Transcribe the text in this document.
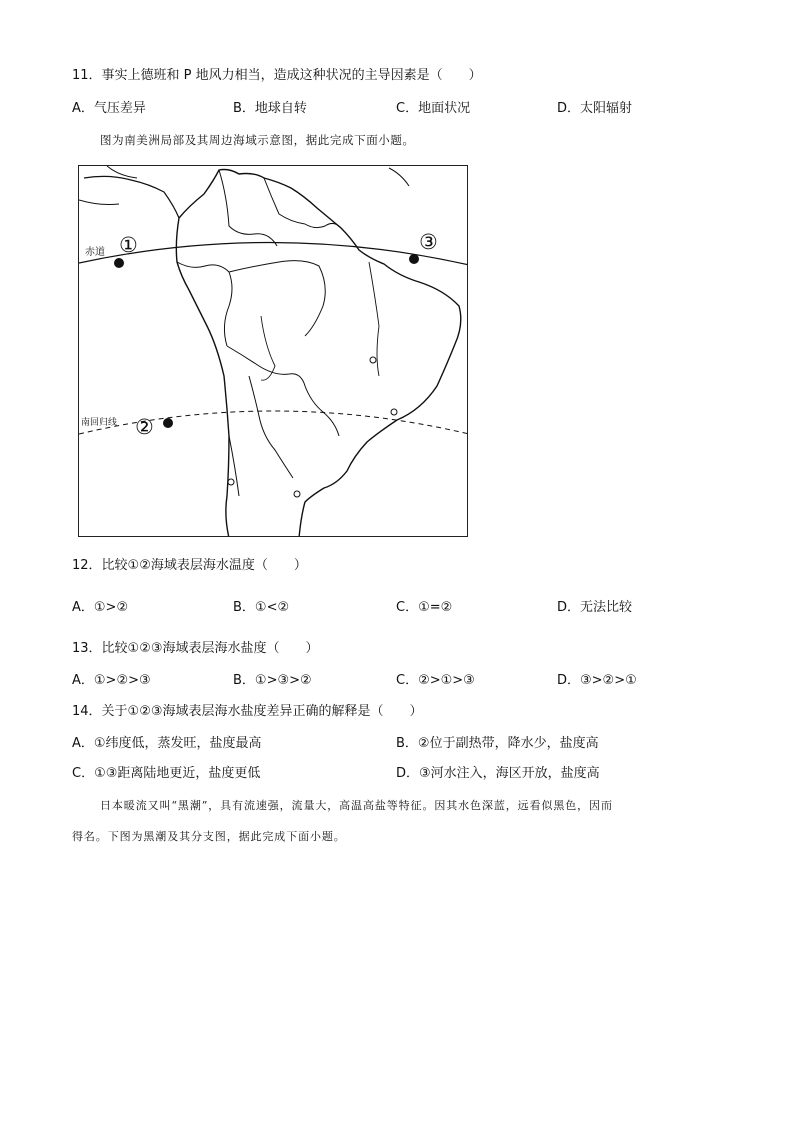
11．事实上德班和 P 地风力相当，造成这种状况的主导因素是（　　）
A．气压差异	B．地球自转	C．地面状况	D．太阳辐射
图为南美洲局部及其周边海域示意图，据此完成下面小题。
赤道
南回归线
①
②
③
12．比较①②海域表层海水温度（　　）
A．①>②	B．①<②	C．①=②	D．无法比较
13．比较①②③海域表层海水盐度（　　）
A．①>②>③	B．①>③>②	C．②>①>③	D．③>②>①
14．关于①②③海域表层海水盐度差异正确的解释是（　　）
A．①纬度低，蒸发旺，盐度最高	B．②位于副热带，降水少，盐度高
C．①③距离陆地更近，盐度更低	D．③河水注入，海区开放，盐度高
日本暖流又叫“黑潮”，具有流速强，流量大，高温高盐等特征。因其水色深蓝，远看似黑色，因而
得名。下图为黑潮及其分支图，据此完成下面小题。
